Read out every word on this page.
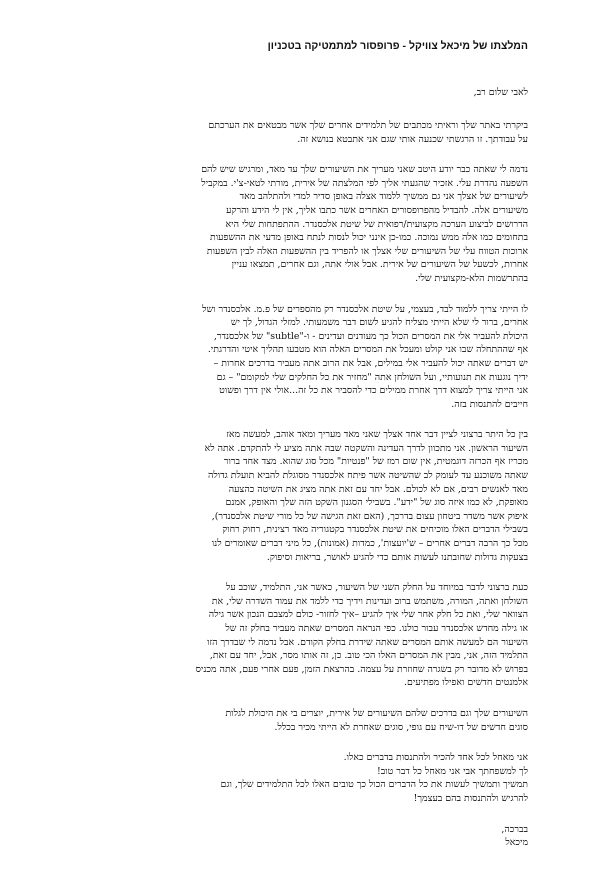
המלצתו של מיכאל צוויקל - פרופסור למתמטיקה בטכניון
לאבי שלום רב,
ביקרתי באתר שלך וראיתי מכתבים של תלמידים אחרים שלך אשר מבטאים את הערכתם
על עבודתך. זו הרגשתי שכנעה אותי שגם אני אתבטא בנושא זה.
נדמה לי שאתה כבר יודע היטב שאני מעריך את השיעורים שלך עד מאד, ומרגיש שיש להם
השפעה נהדרת עלי. אזכיר שהגעתי אליך לפי המלצתה של אירית, מורתי לטאי-צ'י. במקביל
לשיעורים של אצלך אני גם ממשיך ללמוד אצלה באופן סדיר למדי ולהתלהב מאד
משיעורים אלה. להבדיל מהפרופסורים האחרים אשר כתבו אליך, אין לי הידע והרקע
הדרושים לביצוע הערכה מקצועית/רפואית של שיטת אלכסנדר. ההתפתחות שלי היא
בתחומים כמו אלה ממש נמוכה. כמו-כן אינני יכול לנסות לנתח באופן מדעי את ההשפעות
ארוכות הטווח עלי של השיעורים שלי אצלך או להפריד בין ההשפעות האלה לבין השפעות
אחרות, לכשעל של השיעורים של אירית. אבל אולי אתה, וגם אחרים, תמצאו עניין
בהתרשמות הלא-מקצועית שלי.
לו הייתי צריך ללמוד לבד, בעצמי, על שיטת אלכסנדר רק מהספרים של פ.מ. אלכסנדר ושל
אחרים, ברור לי שלא הייתי מצליח להגיע לשום דבר משמעותי. למזלי הגדול, לך יש
היכולת להעביר אלי את המסרים הכול כך מעודנים ועדינים - ו-"subtle" של אלכסנדר,
אף שההתחלה שבו אני קולט ומעכל את המסרים האלה הוא מטבעו תהליך איטי והדרגתי.
יש דברים שאתה יכול להעביר אלי במילים, אבל את הרוב אתה מעביר בדרכים אחרות –
ידיך נוגעות את תנועותיי, ועל השולחן אתה "מחזיר את כל החלקים שלי למקומם" – גם
אני הייתי צריך למצוא דרך אחרת ממילים כדי להסביר את כל זה...אולי אין דרך ופשוט
חייבים להתנסות בזה.
בין כל היתר ברצוני לציין דבר אחד אצלך שאני מאד מעריך ומאד אוהב, למעשה מאז
השיעור הראשון. אני מתכוון לדרך העדינה והשקטה שבה אתה מציע לי להתקדם. אתה לא
מכריז אף הכרזה דוגמטית, אין שום רמז של "פנטיות" מכל סוג שהוא. מצד אחד ברור
שאתה משוכנע עד לעומק לב שהשיטה אשר פיתח אלכסנדר מסוגלת להביא תועלת גדולה
מאד לאנשים רבים, אם לא לכולם. אבל יחד עם זאת אתה מציג את השיטה כהצעה
מאופקת, לא כמו איזה סוג של "ידע". בשבילי הסגנון השקט הזה שלך והאופק, אמנם
איפוק אשר משדר ביטחון עצום בדרכך, (האם זאת הגישה של כל מורי שיטת אלכסנדר),
בשבילי הדברים האלו מוכיחים את שיטת אלכסנדר בקטגוריה מאד רצינית, רחוק רחוק
מכל כך הרבה דברים אחרים – ש'יועצות', כמדות (אמונות), כל מיני דברים שאומרים לנו
בצעקות גדולות שחובתנו לעשות אותם כדי להגיע לאושר, בריאות וסיפוק.
כעת ברצוני לדבר במיוחד על החלק השני של השיעור, כאשר אני, התלמיד, שוכב על
השולחן ואתה, המורה, משתמש ברוב ועדינות וידיך כדי ללמד את עמוד השדרה שלי, את
הצוואר שלי, ואת כל חלק אחר שלי איך להגיע –איך לחזור- כולם למצבם הנכון אשר גילה
או גילה מחדש אלכסנדר עבור כולנו. כפי הנראה המסרים שאתה מעביר בחלק זה של
השיעור הם למעשה אותם המסרים שאתה שידרת בחלק הקודם. אבל נדמה לי שבדרך הזו
התלמיד הזה, אני, מבין את המסרים האלו הכי טוב. כן, זה אותו מסר, אבל, יחד עם זאת,
בפרוש לא מדובר רק בשגרה שחוזרת על עצמה. בהרצאת הזמן, פעם אחרי פעם, אתה מכניס
אלמנטים חדשים ואפילו מפתיעים.
השיעורים שלך וגם בדרכים שלהם השיעורים של אירית, יוצרים בי את היכולת לגלות
סוגים חדשים של דו-שיח עם גופי, סוגים שאחרת לא הייתי מכיר בכלל.
אני מאחל לכל אחד להכיר ולהתנסות בדברים כאלו.
לך למשפחתך אבי אני מאחל כל דבר טוב!
תמשיך ותמשיך לעשות את כל הדברים הכול כך טובים האלו לכל התלמידים שלך, וגם
להרגיש ולהתנסות בהם בעצמך!
בברכה,
מיכאל
